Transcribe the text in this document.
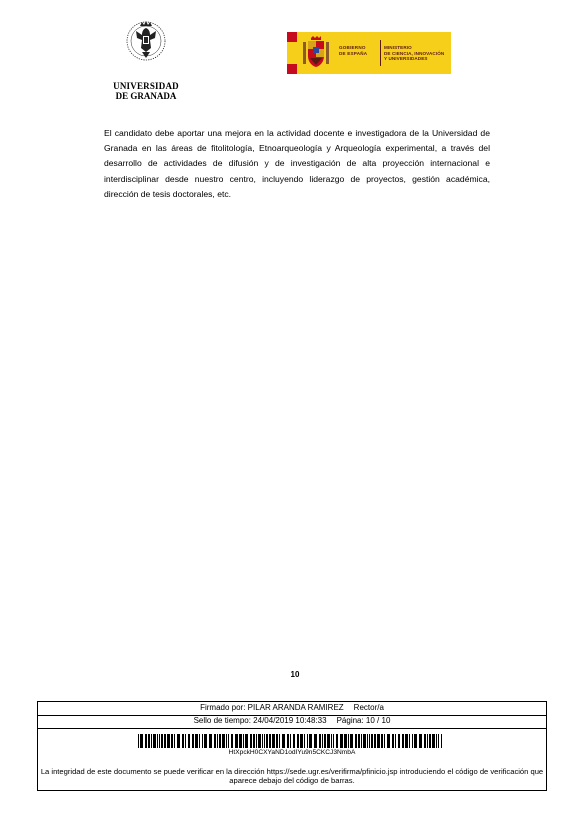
UNIVERSIDAD
DE GRANADA
GOBIERNO
DE ESPAÑA
MINISTERIO
DE CIENCIA, INNOVACIÓN
Y UNIVERSIDADES
El candidato debe aportar una mejora en la actividad docente e investigadora de la Universidad de Granada en las áreas de fitolitología, Etnoarqueología y Arqueología experimental, a través del desarrollo de actividades de difusión y de investigación de alta proyección internacional e interdisciplinar desde nuestro centro, incluyendo liderazgo de proyectos, gestión académica, dirección de tesis doctorales, etc.
10
Firmado por: PILAR ARANDA RAMIREZ Rector/a
Sello de tiempo: 24/04/2019 10:48:33 Página: 10 / 10
HtXpckH0CXYaND1odIYu9n5CKCJ3NmbA
La integridad de este documento se puede verificar en la dirección https://sede.ugr.es/verifirma/pfinicio.jsp introduciendo el código de verificación que aparece debajo del código de barras.
